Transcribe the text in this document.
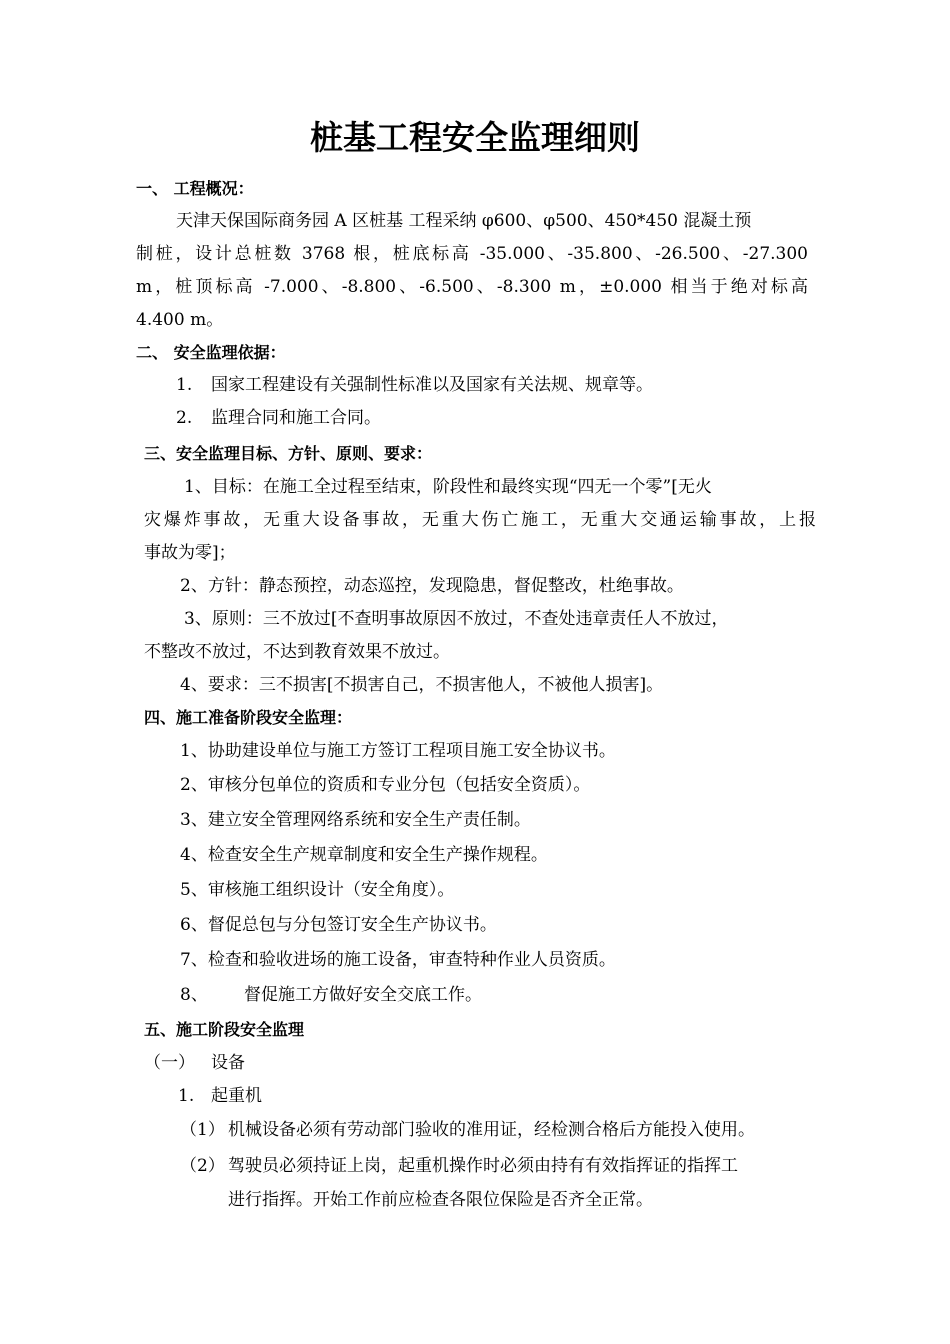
桩基工程安全监理细则
一、 工程概况：
天津天保国际商务园 A 区桩基 工程采纳 φ600、φ500、450*450 混凝土预
制桩，设计总桩数 3768 根，桩底标高 -35.000、-35.800、-26.500、-27.300
m，桩顶标高 -7.000、-8.800、-6.500、-8.300 m，±0.000 相当于绝对标高
4.400 m。
二、 安全监理依据：
1. 国家工程建设有关强制性标准以及国家有关法规、规章等。
2. 监理合同和施工合同。
三、安全监理目标、方针、原则、要求：
1、目标：在施工全过程至结束，阶段性和最终实现“四无一个零”[无火
灾爆炸事故，无重大设备事故，无重大伤亡施工，无重大交通运输事故，上报
事故为零]；
2、方针：静态预控，动态巡控，发现隐患，督促整改，杜绝事故。
3、原则：三不放过[不查明事故原因不放过，不查处违章责任人不放过，
不整改不放过，不达到教育效果不放过。
4、要求：三不损害[不损害自己，不损害他人，不被他人损害]。
四、施工准备阶段安全监理：
1、协助建设单位与施工方签订工程项目施工安全协议书。
2、审核分包单位的资质和专业分包（包括安全资质）。
3、建立安全管理网络系统和安全生产责任制。
4、检查安全生产规章制度和安全生产操作规程。
5、审核施工组织设计（安全角度）。
6、督促总包与分包签订安全生产协议书。
7、检查和验收进场的施工设备，审查特种作业人员资质。
8、 督促施工方做好安全交底工作。
五、施工阶段安全监理
（一） 设备
1. 起重机
（1） 机械设备必须有劳动部门验收的准用证，经检测合格后方能投入使用。
（2） 驾驶员必须持证上岗，起重机操作时必须由持有有效指挥证的指挥工
进行指挥。开始工作前应检查各限位保险是否齐全正常。
